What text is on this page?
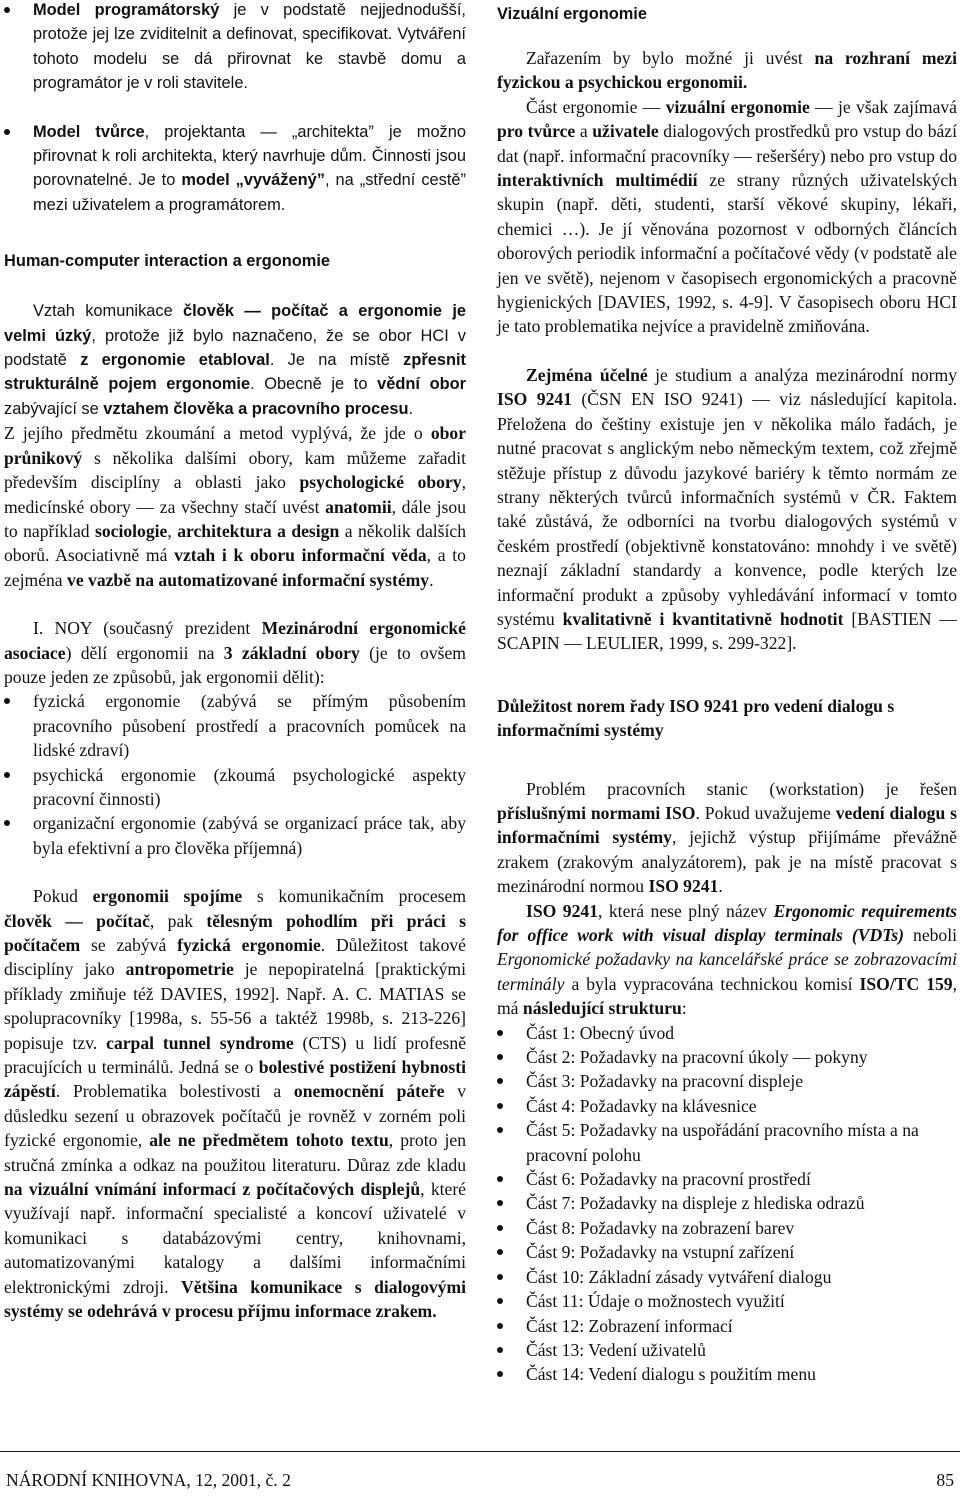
Model programátorský je v podstatě nejjednodušší, protože jej lze zviditelnit a definovat, specifikovat. Vytváření tohoto modelu se dá přirovnat ke stavbě domu a programátor je v roli stavitele.
Model tvůrce, projektanta — „architekta” je možno přirovnat k roli architekta, který navrhuje dům. Činnosti jsou porovnatelné. Je to model „vyvážený”, na „střední cestě” mezi uživatelem a programátorem.
Human-computer interaction a ergonomie

Vztah komunikace člověk — počítač a ergonomie je velmi úzký, protože již bylo naznačeno, že se obor HCI v podstatě z ergonomie etabloval. Je na místě zpřesnit strukturálně pojem ergonomie. Obecně je to vědní obor zabývající se vztahem člověka a pracovního procesu.

Z jejího předmětu zkoumání a metod vyplývá, že jde o obor průnikový s několika dalšími obory, kam můžeme zařadit především disciplíny a oblasti jako psychologické obory, medicínské obory — za všechny stačí uvést anatomii, dále jsou to například sociologie, architektura a design a několik dalších oborů. Asociativně má vztah i k oboru informační věda, a to zejména ve vazbě na automatizované informační systémy.

I. NOY (současný prezident Mezinárodní ergonomické asociace) dělí ergonomii na 3 základní obory (je to ovšem pouze jeden ze způsobů, jak ergonomii dělit):

fyzická ergonomie (zabývá se přímým působením pracovního působení prostředí a pracovních pomůcek na lidské zdraví)
psychická ergonomie (zkoumá psychologické aspekty pracovní činnosti)
organizační ergonomie (zabývá se organizací práce tak, aby byla efektivní a pro člověka příjemná)

Pokud ergonomii spojíme s komunikačním procesem člověk — počítač, pak tělesným pohodlím při práci s počítačem se zabývá fyzická ergonomie. Důležitost takové disciplíny jako antropometrie je nepopiratelná [praktickými příklady zmiňuje též DAVIES, 1992]. Např. A. C. MATIAS se spolupracovníky [1998a, s. 55-56 a taktéž 1998b, s. 213-226] popisuje tzv. carpal tunnel syndrome (CTS) u lidí profesně pracujících u terminálů. Jedná se o bolestivé postižení hybnosti zápěstí. Problematika bolestivosti a onemocnění páteře v důsledku sezení u obrazovek počítačů je rovněž v zorném poli fyzické ergonomie, ale ne předmětem tohoto textu, proto jen stručná zmínka a odkaz na použitou literaturu. Důraz zde kladu na vizuální vnímání informací z počítačových displejů, které využívají např. informační specialisté a koncoví uživatelé v komunikaci s databázovými centry, knihovnami, automatizovanými katalogy a dalšími informačními elektronickými zdroji. Většina komunikace s dialogovými systémy se odehrává v procesu příjmu informace zrakem.

Vizuální ergonomie

Zařazením by bylo možné ji uvést na rozhraní mezi fyzickou a psychickou ergonomii.

Část ergonomie — vizuální ergonomie — je však zajímavá pro tvůrce a uživatele dialogových prostředků pro vstup do bází dat (např. informační pracovníky — rešeršéry) nebo pro vstup do interaktivních multimédií ze strany různých uživatelských skupin (např. děti, studenti, starší věkové skupiny, lékaři, chemici …). Je jí věnována pozornost v odborných článcích oborových periodik informační a počítačové vědy (v podstatě ale jen ve světě), nejenom v časopisech ergonomických a pracovně hygienických [DAVIES, 1992, s. 4-9]. V časopisech oboru HCI je tato problematika nejvíce a pravidelně zmiňována.

Zejména účelné je studium a analýza mezinárodní normy ISO 9241 (ČSN EN ISO 9241) — viz následující kapitola. Přeložena do češtiny existuje jen v několika málo řadách, je nutné pracovat s anglickým nebo německým textem, což zřejmě stěžuje přístup z důvodu jazykové bariéry k těmto normám ze strany některých tvůrců informačních systémů v ČR. Faktem také zůstává, že odborníci na tvorbu dialogových systémů v českém prostředí (objektivně konstatováno: mnohdy i ve světě) neznají základní standardy a konvence, podle kterých lze informační produkt a způsoby vyhledávání informací v tomto systému kvalitativně i kvantitativně hodnotit [BASTIEN — SCAPIN — LEULIER, 1999, s. 299-322].

Důležitost norem řady ISO 9241 pro vedení dialogu s informačními systémy

Problém pracovních stanic (workstation) je řešen příslušnými normami ISO. Pokud uvažujeme vedení dialogu s informačními systémy, jejichž výstup přijímáme převážně zrakem (zrakovým analyzátorem), pak je na místě pracovat s mezinárodní normou ISO 9241.

ISO 9241, která nese plný název Ergonomic requirements for office work with visual display terminals (VDTs) neboli Ergonomické požadavky na kancelářské práce se zobrazovacími terminály a byla vypracována technickou komisí ISO/TC 159, má následující strukturu:

Část 1: Obecný úvod
Část 2: Požadavky na pracovní úkoly — pokyny
Část 3: Požadavky na pracovní displeje
Část 4: Požadavky na klávesnice
Část 5: Požadavky na uspořádání pracovního místa a na pracovní polohu
Část 6: Požadavky na pracovní prostředí
Část 7: Požadavky na displeje z hlediska odrazů
Část 8: Požadavky na zobrazení barev
Část 9: Požadavky na vstupní zařízení
Část 10: Základní zásady vytváření dialogu
Část 11: Údaje o možnostech využití
Část 12: Zobrazení informací
Část 13: Vedení uživatelů
Část 14: Vedení dialogu s použitím menu
NÁRODNÍ KNIHOVNA, 12, 2001, č. 2	85
